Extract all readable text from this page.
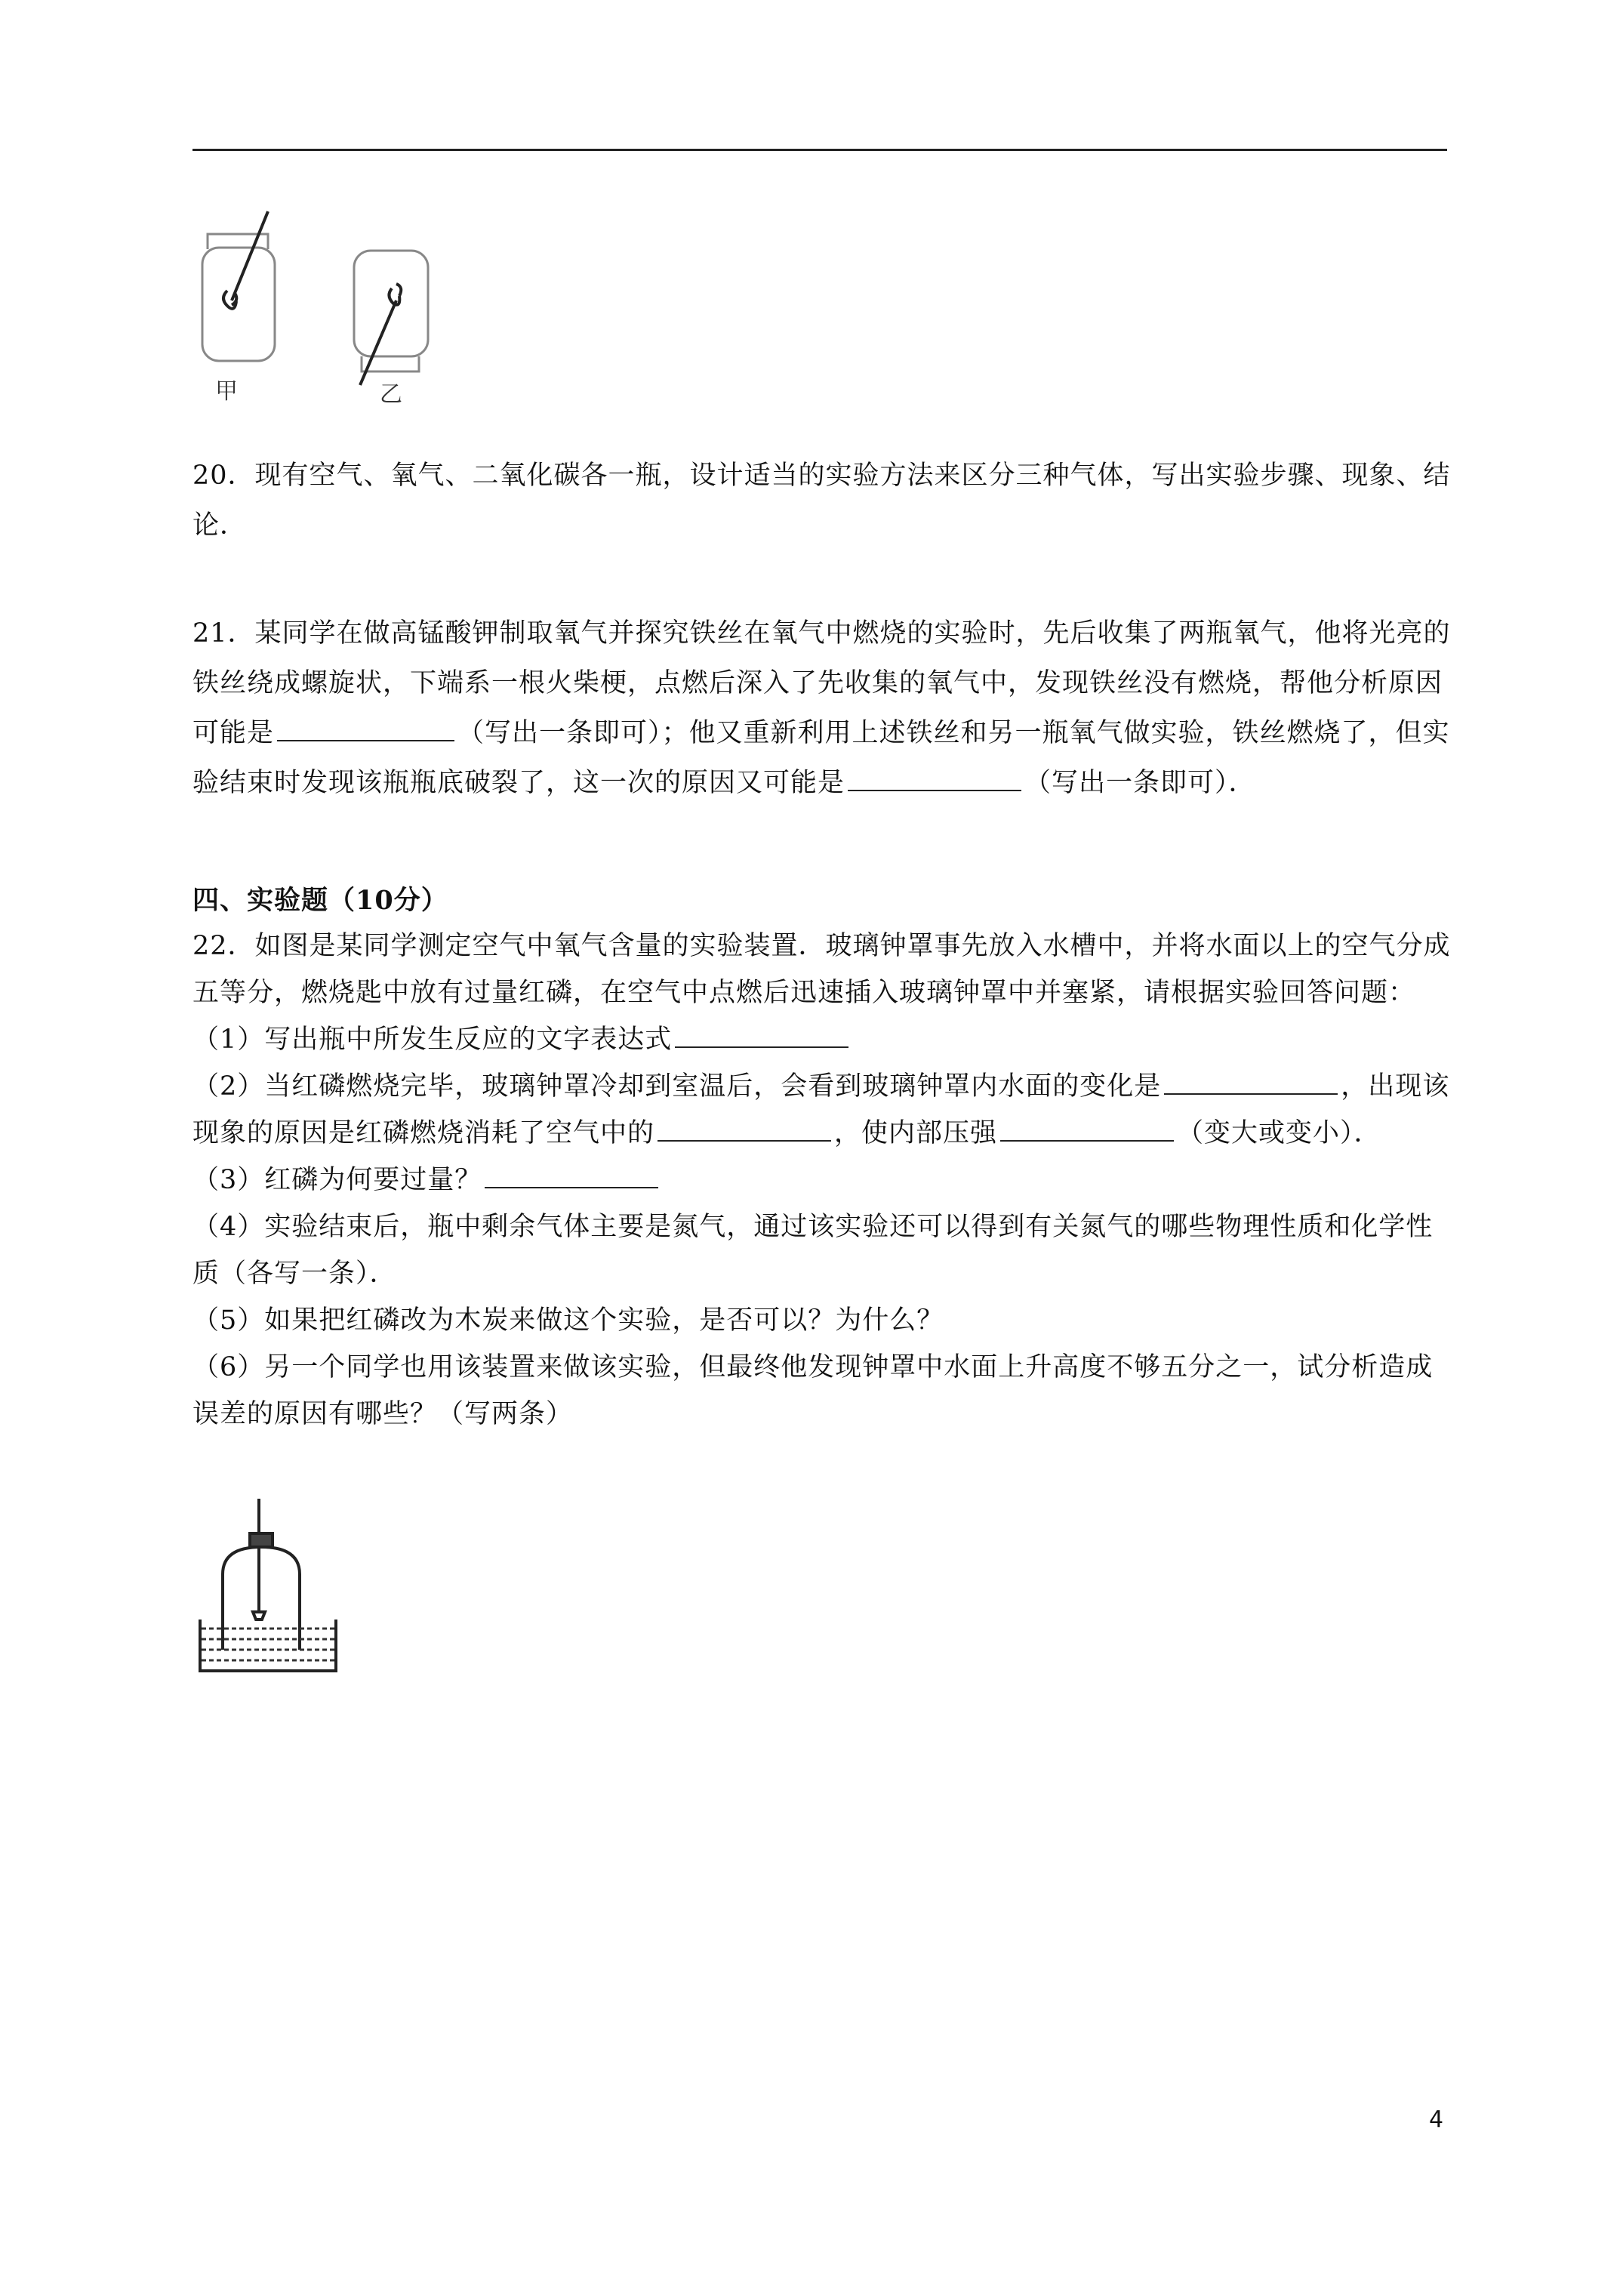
甲	乙
20．现有空气、氧气、二氧化碳各一瓶，设计适当的实验方法来区分三种气体，写出实验步骤、现象、结论．
21．某同学在做高锰酸钾制取氧气并探究铁丝在氧气中燃烧的实验时，先后收集了两瓶氧气，他将光亮的铁丝绕成螺旋状，下端系一根火柴梗，点燃后深入了先收集的氧气中，发现铁丝没有燃烧，帮他分析原因可能是	（写出一条即可）；他又重新利用上述铁丝和另一瓶氧气做实验，铁丝燃烧了，但实验结束时发现该瓶瓶底破裂了，这一次的原因又可能是	（写出一条即可）．
四、实验题（10分）
22．如图是某同学测定空气中氧气含量的实验装置．玻璃钟罩事先放入水槽中，并将水面以上的空气分成五等分，燃烧匙中放有过量红磷，在空气中点燃后迅速插入玻璃钟罩中并塞紧，请根据实验回答问题：
（1）写出瓶中所发生反应的文字表达式
（2）当红磷燃烧完毕，玻璃钟罩冷却到室温后，会看到玻璃钟罩内水面的变化是	，出现该现象的原因是红磷燃烧消耗了空气中的	，使内部压强	（变大或变小）．
（3）红磷为何要过量？
（4）实验结束后，瓶中剩余气体主要是氮气，通过该实验还可以得到有关氮气的哪些物理性质和化学性质（各写一条）．
（5）如果把红磷改为木炭来做这个实验，是否可以？为什么？
（6）另一个同学也用该装置来做该实验，但最终他发现钟罩中水面上升高度不够五分之一，试分析造成误差的原因有哪些？（写两条）
4
